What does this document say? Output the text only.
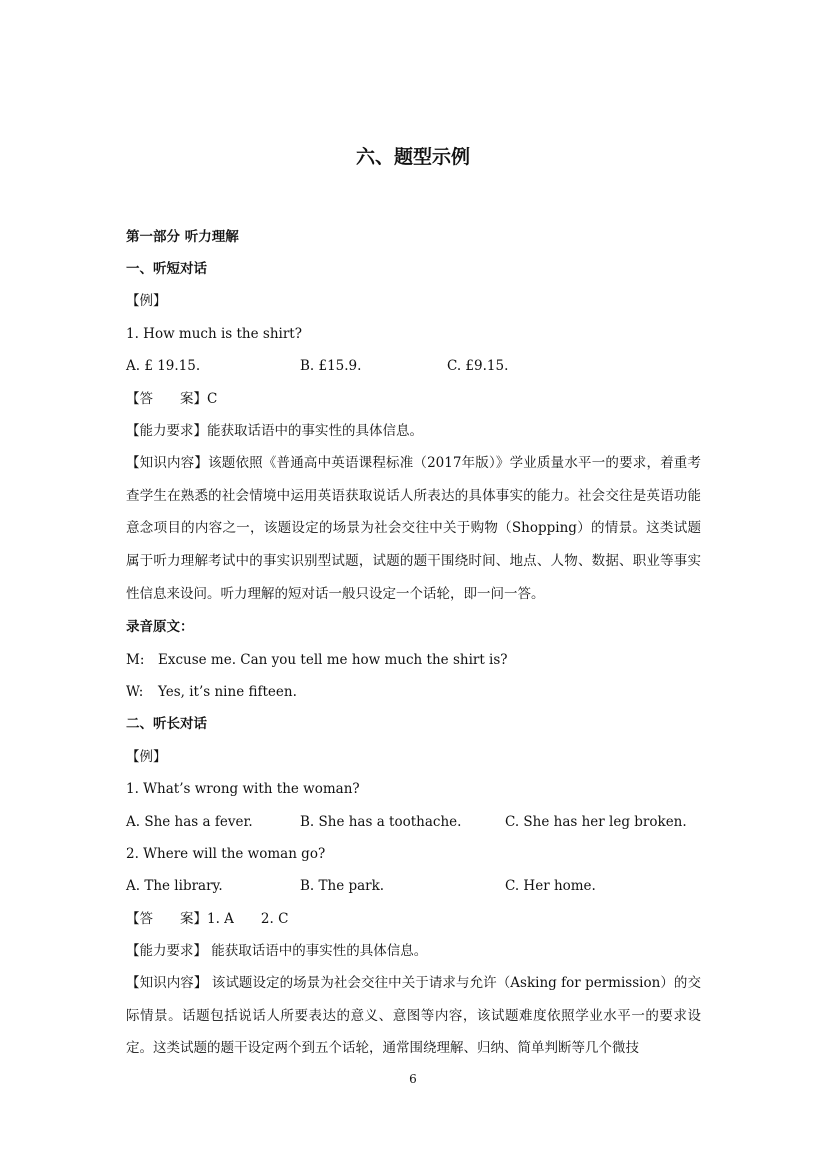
六、题型示例
第一部分 听力理解
一、听短对话
【例】
1. How much is the shirt?
A. £ 19.15.	B. £15.9.	C. £9.15.
【答　　案】C
【能力要求】能获取话语中的事实性的具体信息。
【知识内容】该题依照《普通高中英语课程标准（2017年版）》学业质量水平一的要求，着重考查学生在熟悉的社会情境中运用英语获取说话人所表达的具体事实的能力。社会交往是英语功能意念项目的内容之一，该题设定的场景为社会交往中关于购物（Shopping）的情景。这类试题属于听力理解考试中的事实识别型试题，试题的题干围绕时间、地点、人物、数据、职业等事实性信息来设问。听力理解的短对话一般只设定一个话轮，即一问一答。
录音原文：
M: Excuse me. Can you tell me how much the shirt is?
W: Yes, it’s nine fifteen.
二、听长对话
【例】
1. What’s wrong with the woman?
A. She has a fever.	B. She has a toothache.	C. She has her leg broken.
2. Where will the woman go?
A. The library.	B. The park.	C. Her home.
【答　　案】1. A　　2. C
【能力要求】 能获取话语中的事实性的具体信息。
【知识内容】 该试题设定的场景为社会交往中关于请求与允许（Asking for permission）的交际情景。话题包括说话人所要表达的意义、意图等内容，该试题难度依照学业水平一的要求设定。这类试题的题干设定两个到五个话轮，通常围绕理解、归纳、简单判断等几个微技
6
